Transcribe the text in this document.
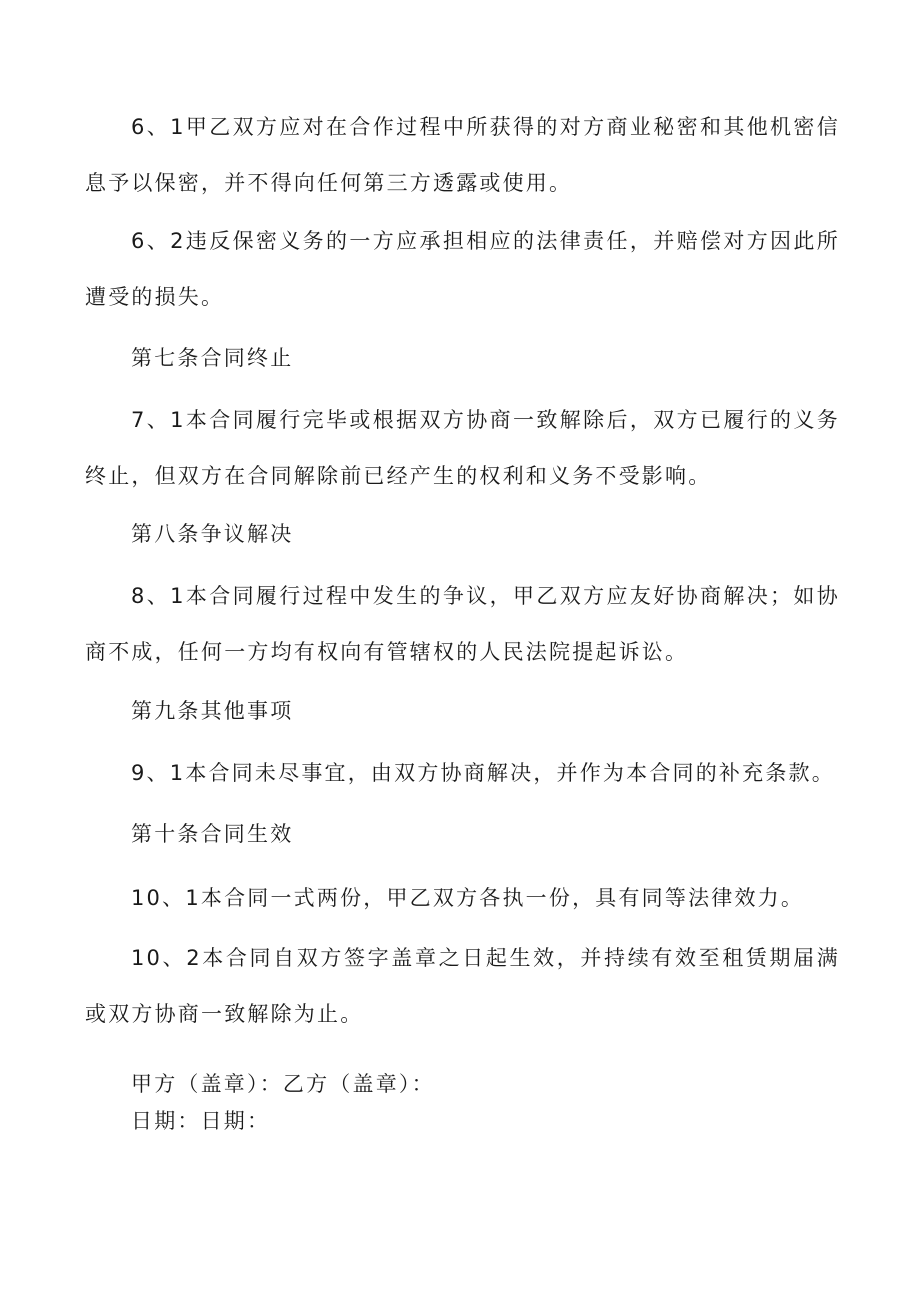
6、1甲乙双方应对在合作过程中所获得的对方商业秘密和其他机密信息予以保密，并不得向任何第三方透露或使用。

6、2违反保密义务的一方应承担相应的法律责任，并赔偿对方因此所遭受的损失。

第七条合同终止

7、1本合同履行完毕或根据双方协商一致解除后，双方已履行的义务终止，但双方在合同解除前已经产生的权利和义务不受影响。

第八条争议解决

8、1本合同履行过程中发生的争议，甲乙双方应友好协商解决；如协商不成，任何一方均有权向有管辖权的人民法院提起诉讼。

第九条其他事项

9、1本合同未尽事宜，由双方协商解决，并作为本合同的补充条款。

第十条合同生效

10、1本合同一式两份，甲乙双方各执一份，具有同等法律效力。

10、2本合同自双方签字盖章之日起生效，并持续有效至租赁期届满或双方协商一致解除为止。

甲方（盖章）：乙方（盖章）：

日期：日期：
